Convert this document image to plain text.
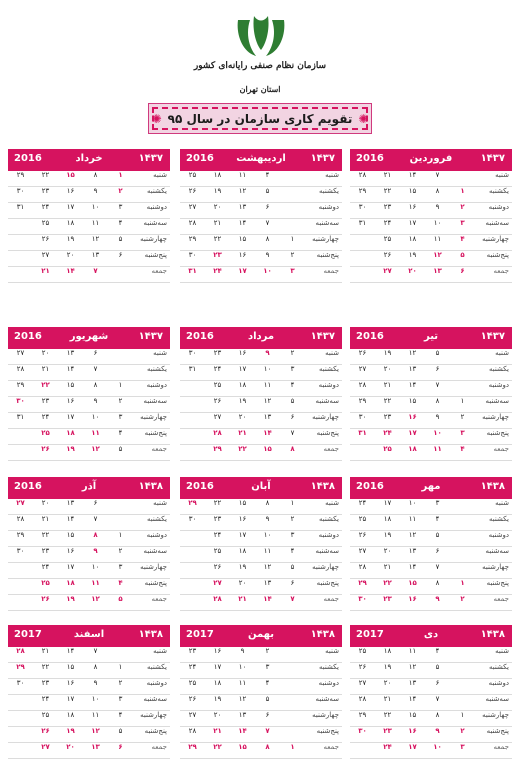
سازمان نظام صنفی رایانه‌ای کشور
استان تهران
✺ تقویم کاری سازمان در سال ۹۵ ✺
۱۴۳۷
فروردین
2016
شنبه
۷
۱۴
۲۱
۲۸
یکشنبه
۱
۸
۱۵
۲۲
۲۹
دوشنبه
۲
۹
۱۶
۲۳
۳۰
سه‌شنبه
۳
۱۰
۱۷
۲۴
۳۱
چهارشنبه
۴
۱۱
۱۸
۲۵
پنج‌شنبه
۵
۱۲
۱۹
۲۶
جمعه
۶
۱۳
۲۰
۲۷
۱۴۳۷
اردیبهشت
2016
شنبه
۴
۱۱
۱۸
۲۵
یکشنبه
۵
۱۲
۱۹
۲۶
دوشنبه
۶
۱۳
۲۰
۲۷
سه‌شنبه
۷
۱۴
۲۱
۲۸
چهارشنبه
۱
۸
۱۵
۲۲
۲۹
پنج‌شنبه
۲
۹
۱۶
۲۳
۳۰
جمعه
۳
۱۰
۱۷
۲۴
۳۱
۱۴۳۷
خرداد
2016
شنبه
۱
۸
۱۵
۲۲
۲۹
یکشنبه
۲
۹
۱۶
۲۳
۳۰
دوشنبه
۳
۱۰
۱۷
۲۴
۳۱
سه‌شنبه
۴
۱۱
۱۸
۲۵
چهارشنبه
۵
۱۲
۱۹
۲۶
پنج‌شنبه
۶
۱۳
۲۰
۲۷
جمعه
۷
۱۴
۲۱
۱۴۳۷
تیر
2016
شنبه
۵
۱۲
۱۹
۲۶
یکشنبه
۶
۱۳
۲۰
۲۷
دوشنبه
۷
۱۴
۲۱
۲۸
سه‌شنبه
۱
۸
۱۵
۲۲
۲۹
چهارشنبه
۲
۹
۱۶
۲۳
۳۰
پنج‌شنبه
۳
۱۰
۱۷
۲۴
۳۱
جمعه
۴
۱۱
۱۸
۲۵
۱۴۳۷
مرداد
2016
شنبه
۲
۹
۱۶
۲۳
۳۰
یکشنبه
۳
۱۰
۱۷
۲۴
۳۱
دوشنبه
۴
۱۱
۱۸
۲۵
سه‌شنبه
۵
۱۲
۱۹
۲۶
چهارشنبه
۶
۱۳
۲۰
۲۷
پنج‌شنبه
۷
۱۴
۲۱
۲۸
جمعه
۸
۱۵
۲۲
۲۹
۱۴۳۷
شهریور
2016
شنبه
۶
۱۳
۲۰
۲۷
یکشنبه
۷
۱۴
۲۱
۲۸
دوشنبه
۱
۸
۱۵
۲۲
۲۹
سه‌شنبه
۲
۹
۱۶
۲۳
۳۰
چهارشنبه
۳
۱۰
۱۷
۲۴
۳۱
پنج‌شنبه
۴
۱۱
۱۸
۲۵
جمعه
۵
۱۲
۱۹
۲۶
۱۴۳۸
مهر
2016
شنبه
۳
۱۰
۱۷
۲۴
یکشنبه
۴
۱۱
۱۸
۲۵
دوشنبه
۵
۱۲
۱۹
۲۶
سه‌شنبه
۶
۱۳
۲۰
۲۷
چهارشنبه
۷
۱۴
۲۱
۲۸
پنج‌شنبه
۱
۸
۱۵
۲۲
۲۹
جمعه
۲
۹
۱۶
۲۳
۳۰
۱۴۳۸
آبان
2016
شنبه
۱
۸
۱۵
۲۲
۲۹
یکشنبه
۲
۹
۱۶
۲۳
۳۰
دوشنبه
۳
۱۰
۱۷
۲۴
سه‌شنبه
۴
۱۱
۱۸
۲۵
چهارشنبه
۵
۱۲
۱۹
۲۶
پنج‌شنبه
۶
۱۳
۲۰
۲۷
جمعه
۷
۱۴
۲۱
۲۸
۱۴۳۸
آذر
2016
شنبه
۶
۱۳
۲۰
۲۷
یکشنبه
۷
۱۴
۲۱
۲۸
دوشنبه
۱
۸
۱۵
۲۲
۲۹
سه‌شنبه
۲
۹
۱۶
۲۳
۳۰
چهارشنبه
۳
۱۰
۱۷
۲۴
پنج‌شنبه
۴
۱۱
۱۸
۲۵
جمعه
۵
۱۲
۱۹
۲۶
۱۴۳۸
دی
2017
شنبه
۴
۱۱
۱۸
۲۵
یکشنبه
۵
۱۲
۱۹
۲۶
دوشنبه
۶
۱۳
۲۰
۲۷
سه‌شنبه
۷
۱۴
۲۱
۲۸
چهارشنبه
۱
۸
۱۵
۲۲
۲۹
پنج‌شنبه
۲
۹
۱۶
۲۳
۳۰
جمعه
۳
۱۰
۱۷
۲۴
۱۴۳۸
بهمن
2017
شنبه
۲
۹
۱۶
۲۳
یکشنبه
۳
۱۰
۱۷
۲۴
دوشنبه
۴
۱۱
۱۸
۲۵
سه‌شنبه
۵
۱۲
۱۹
۲۶
چهارشنبه
۶
۱۳
۲۰
۲۷
پنج‌شنبه
۷
۱۴
۲۱
۲۸
جمعه
۱
۸
۱۵
۲۲
۲۹
۱۴۳۸
اسفند
2017
شنبه
۷
۱۴
۲۱
۲۸
یکشنبه
۱
۸
۱۵
۲۲
۲۹
دوشنبه
۲
۹
۱۶
۲۳
۳۰
سه‌شنبه
۳
۱۰
۱۷
۲۴
چهارشنبه
۴
۱۱
۱۸
۲۵
پنج‌شنبه
۵
۱۲
۱۹
۲۶
جمعه
۶
۱۳
۲۰
۲۷
